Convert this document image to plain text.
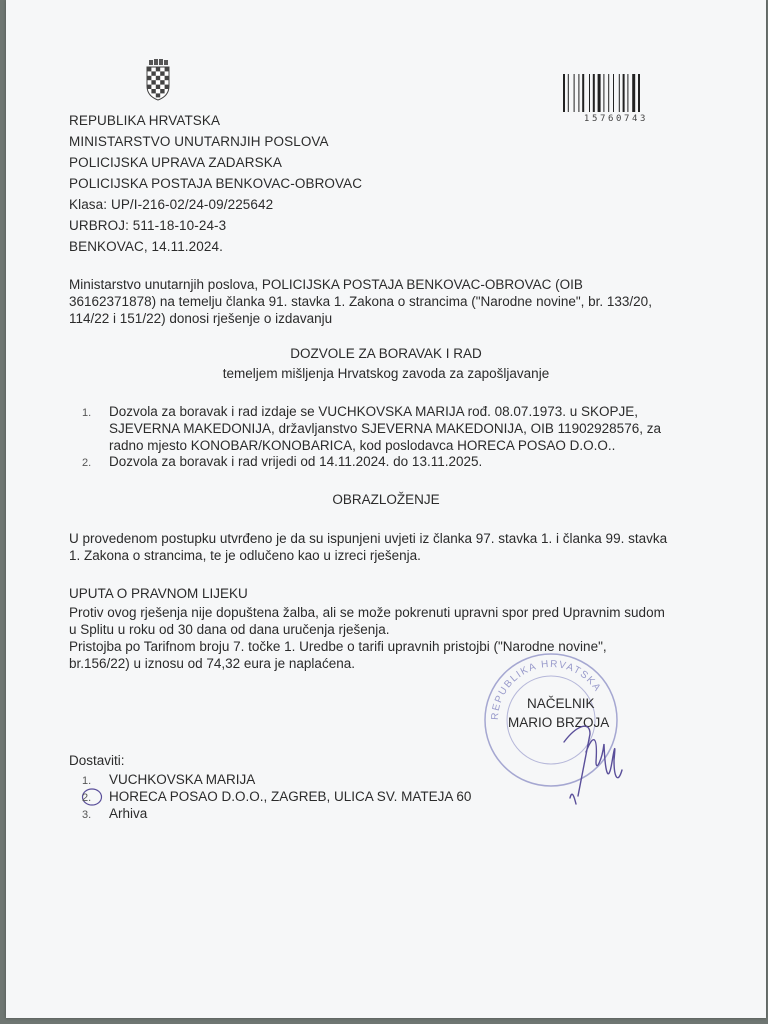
15760743
REPUBLIKA HRVATSKA
MINISTARSTVO UNUTARNJIH POSLOVA
POLICIJSKA UPRAVA ZADARSKA
POLICIJSKA POSTAJA BENKOVAC-OBROVAC
Klasa: UP/I-216-02/24-09/225642
URBROJ: 511-18-10-24-3
BENKOVAC, 14.11.2024.
Ministarstvo unutarnjih poslova, POLICIJSKA POSTAJA BENKOVAC-OBROVAC (OIB
36162371878) na temelju članka 91. stavka 1. Zakona o strancima ("Narodne novine", br. 133/20,
114/22 i 151/22) donosi rješenje o izdavanju
DOZVOLE ZA BORAVAK I RAD
temeljem mišljenja Hrvatskog zavoda za zapošljavanje
1. Dozvola za boravak i rad izdaje se VUCHKOVSKA MARIJA rođ. 08.07.1973. u SKOPJE,
SJEVERNA MAKEDONIJA, državljanstvo SJEVERNA MAKEDONIJA, OIB 11902928576, za
radno mjesto KONOBAR/KONOBARICA, kod poslodavca HORECA POSAO D.O.O..
2. Dozvola za boravak i rad vrijedi od 14.11.2024. do 13.11.2025.
OBRAZLOŽENJE
U provedenom postupku utvrđeno je da su ispunjeni uvjeti iz članka 97. stavka 1. i članka 99. stavka
1. Zakona o strancima, te je odlučeno kao u izreci rješenja.
UPUTA O PRAVNOM LIJEKU
Protiv ovog rješenja nije dopuštena žalba, ali se može pokrenuti upravni spor pred Upravnim sudom
u Splitu u roku od 30 dana od dana uručenja rješenja.
Pristojba po Tarifnom broju 7. točke 1. Uredbe o tarifi upravnih pristojbi ("Narodne novine",
br.156/22) u iznosu od 74,32 eura je naplaćena.
REPUBLIKA HRVATSKA
NAČELNIK
MARIO BRZOJA
Dostaviti:
1. VUCHKOVSKA MARIJA
2. HORECA POSAO D.O.O., ZAGREB, ULICA SV. MATEJA 60
3. Arhiva
